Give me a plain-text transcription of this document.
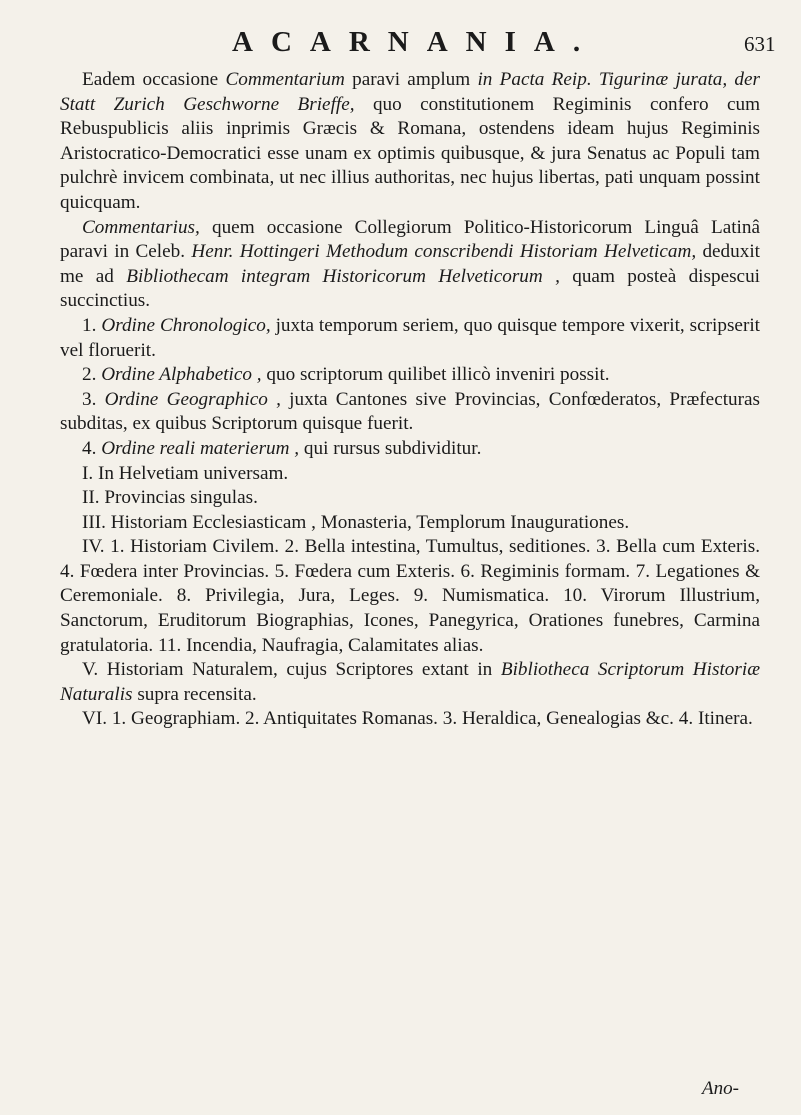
ACARNANIA.	631

Eadem occasione Commentarium paravi amplum in Pacta Reip. Tigurinæ jurata, der Statt Zurich Geschworne Brieffe, quo constitutionem Regiminis confero cum Rebuspublicis aliis inprimis Græcis & Romana, ostendens ideam hujus Regiminis Aristocratico-Democratici esse unam ex optimis quibusque, & jura Senatus ac Populi tam pulchrè invicem combinata, ut nec illius authoritas, nec hujus libertas, pati unquam possint quicquam.

Commentarius, quem occasione Collegiorum Politico-Historicorum Linguâ Latinâ paravi in Celeb. Henr. Hottingeri Methodum conscribendi Historiam Helveticam, deduxit me ad Bibliothecam integram Historicorum Helveticorum , quam posteà dispescui succinctius.

1. Ordine Chronologico, juxta temporum seriem, quo quisque tempore vixerit, scripserit vel floruerit.

2. Ordine Alphabetico , quo scriptorum quilibet illicò inveniri possit.

3. Ordine Geographico , juxta Cantones sive Provincias, Confœderatos, Præfecturas subditas, ex quibus Scriptorum quisque fuerit.

4. Ordine reali materierum , qui rursus subdividitur.

I. In Helvetiam universam.

II. Provincias singulas.

III. Historiam Ecclesiasticam , Monasteria, Templorum Inaugurationes.

IV. 1. Historiam Civilem. 2. Bella intestina, Tumultus, seditiones. 3. Bella cum Exteris. 4. Fœdera inter Provincias. 5. Fœdera cum Exteris. 6. Regiminis formam. 7. Legationes & Ceremoniale. 8. Privilegia, Jura, Leges. 9. Numismatica. 10. Virorum Illustrium, Sanctorum, Eruditorum Biographias, Icones, Panegyrica, Orationes funebres, Carmina gratulatoria. 11. Incendia, Naufragia, Calamitates alias.

V. Historiam Naturalem, cujus Scriptores extant in Bibliotheca Scriptorum Historiæ Naturalis supra recensita.

VI. 1. Geographiam. 2. Antiquitates Romanas. 3. Heraldica, Genealogias &c. 4. Itinera.

Ano-
